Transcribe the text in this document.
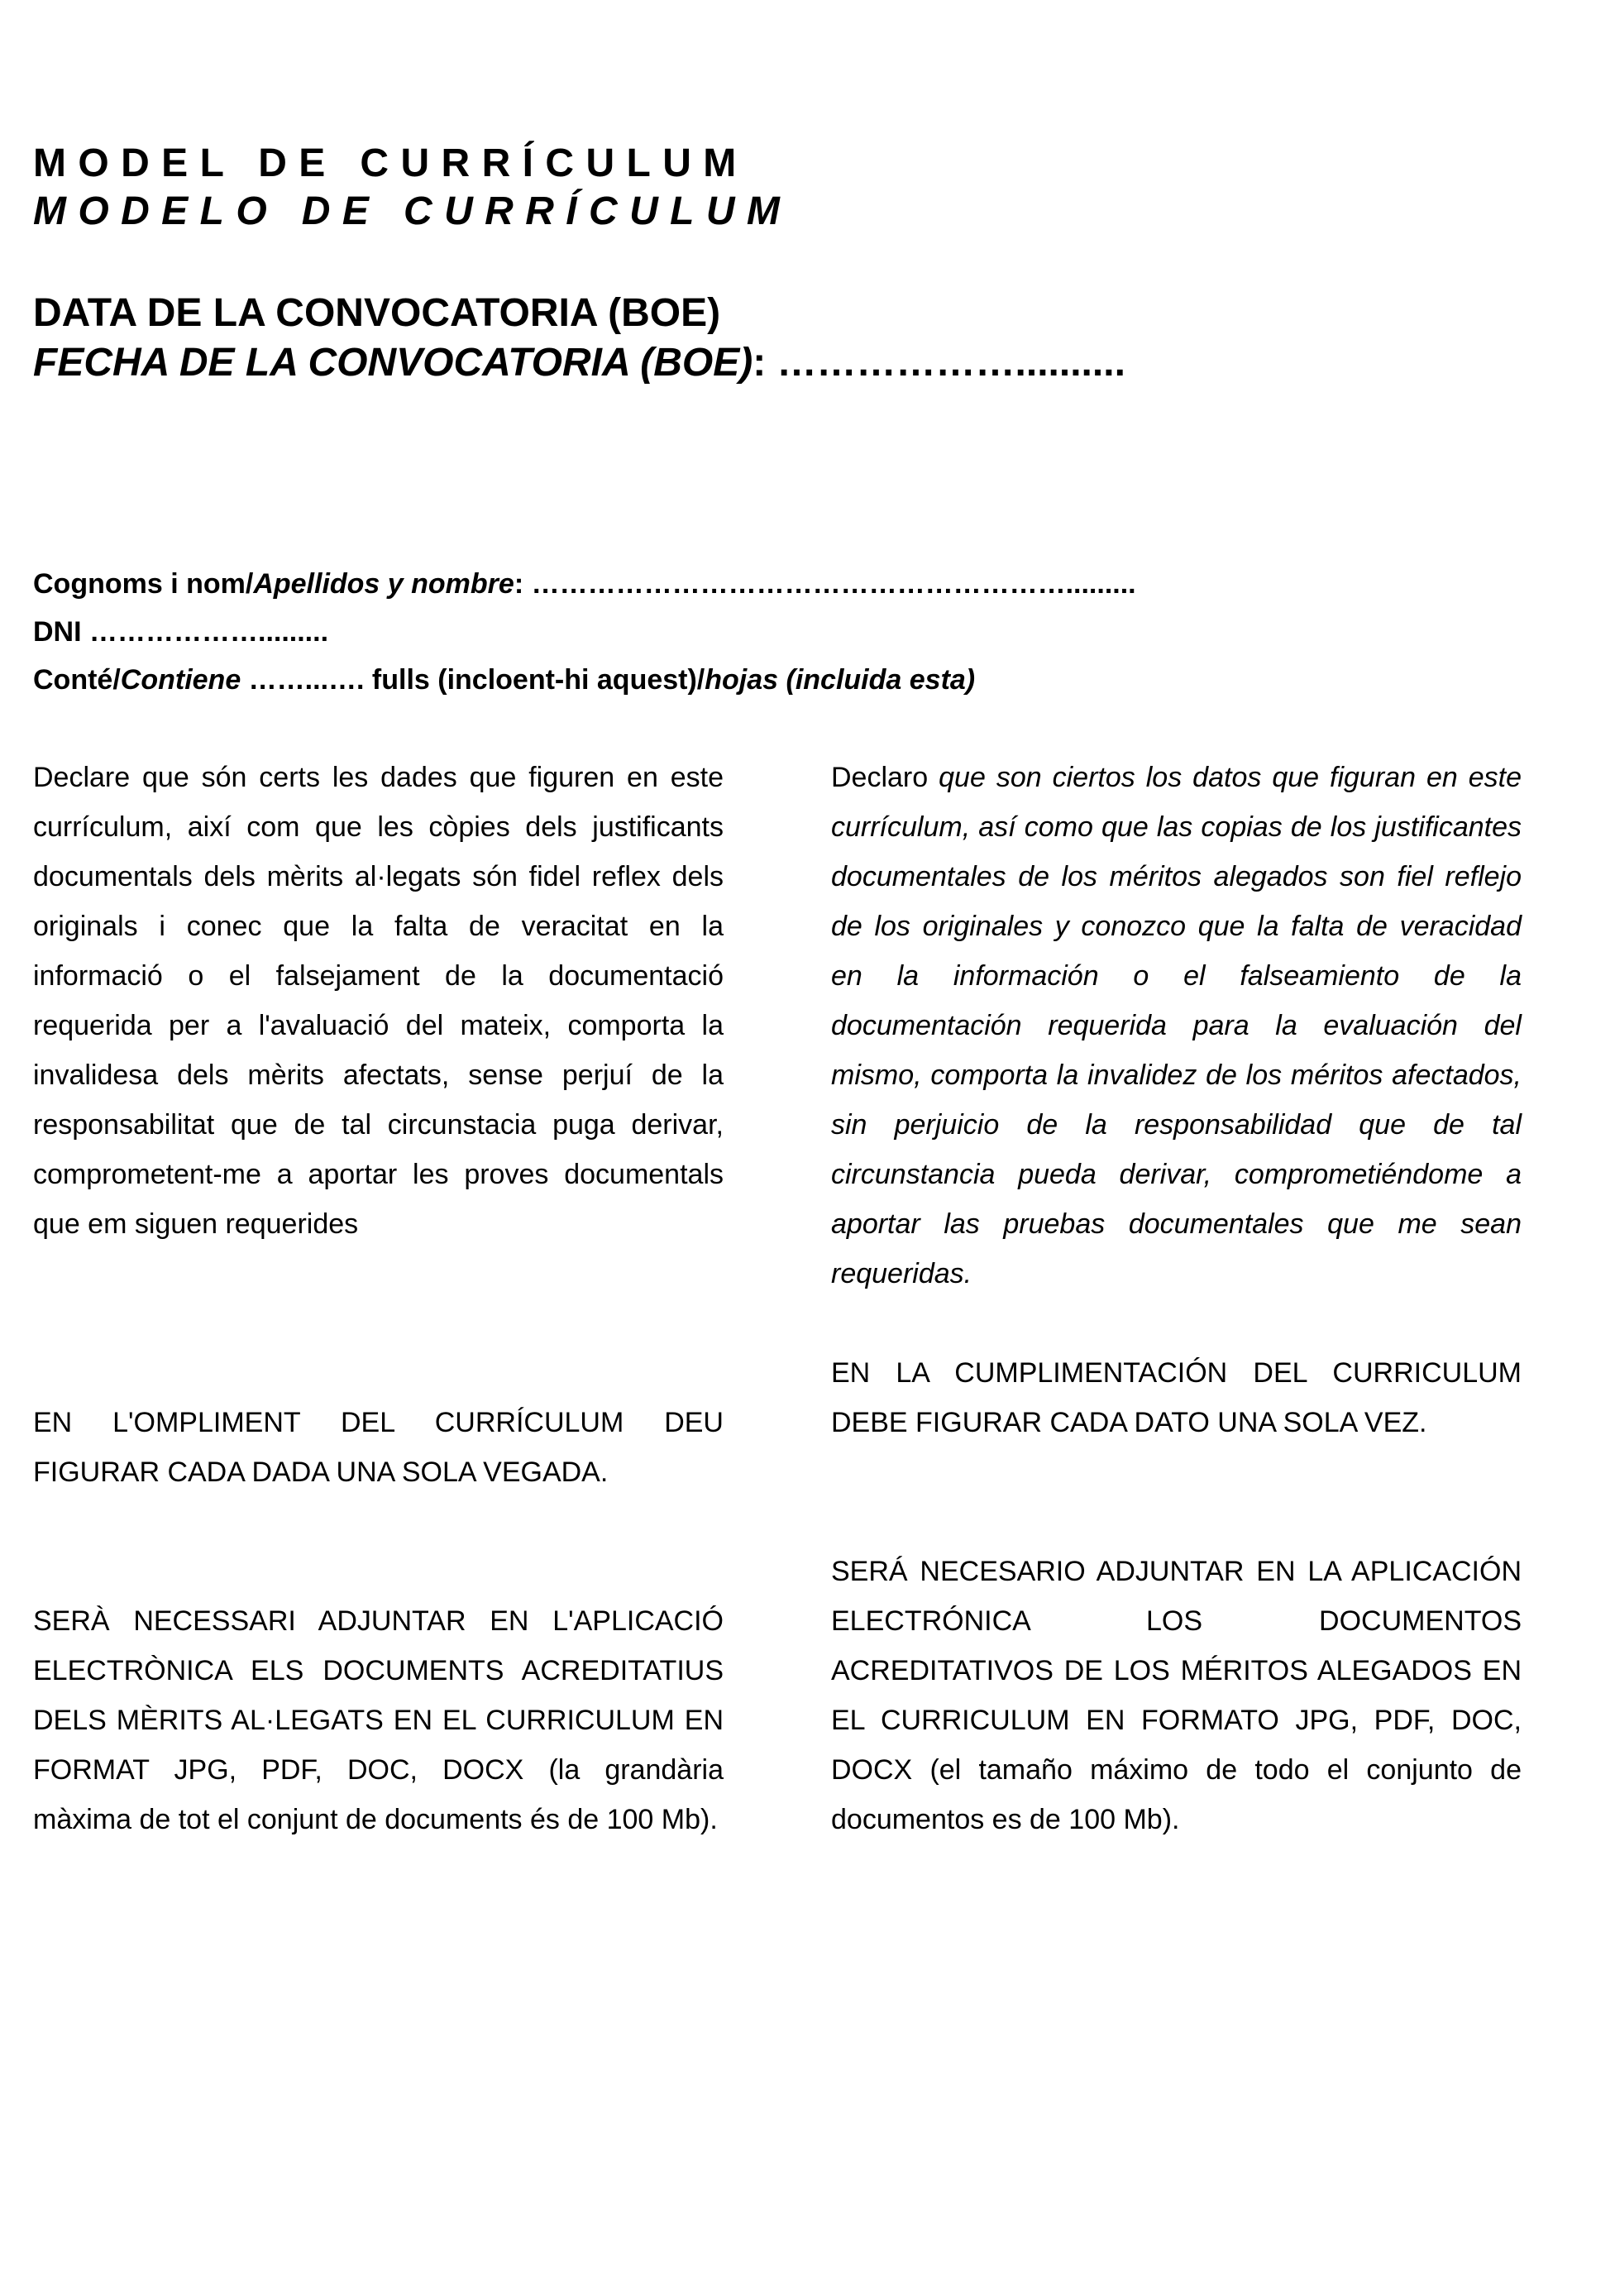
MODEL DE CURRÍCULUM
MODELO DE CURRÍCULUM
DATA DE LA CONVOCATORIA (BOE)
FECHA DE LA CONVOCATORIA (BOE): ………………..........
Cognoms i nom/Apellidos y nombre: ………………………………………………….........
DNI ……………….........
Conté/Contiene ……...…. fulls (incloent-hi aquest)/hojas (incluida esta)

Declare que són certs les dades que figuren en este currículum, així com que les còpies dels justificants documentals dels mèrits al·legats són fidel reflex dels originals i conec que la falta de veracitat en la informació o el falsejament de la documentació requerida per a l'avaluació del mateix, comporta la invalidesa dels mèrits afectats, sense perjuí de la responsabilitat que de tal circunstacia puga derivar, comprometent-me a aportar les proves documentals que em siguen requerides

EN L'OMPLIMENT DEL CURRÍCULUM DEU FIGURAR CADA DADA UNA SOLA VEGADA.

SERÀ NECESSARI ADJUNTAR EN L'APLICACIÓ ELECTRÒNICA ELS DOCUMENTS ACREDITATIUS DELS MÈRITS AL·LEGATS EN EL CURRICULUM EN FORMAT JPG, PDF, DOC, DOCX (la grandària màxima de tot el conjunt de documents és de 100 Mb).

Declaro que son ciertos los datos que figuran en este currículum, así como que las copias de los justificantes documentales de los méritos alegados son fiel reflejo de los originales y conozco que la falta de veracidad en la información o el falseamiento de la documentación requerida para la evaluación del mismo, comporta la invalidez de los méritos afectados, sin perjuicio de la responsabilidad que de tal circunstancia pueda derivar, comprometiéndome a aportar las pruebas documentales que me sean requeridas.

EN LA CUMPLIMENTACIÓN DEL CURRICULUM DEBE FIGURAR CADA DATO UNA SOLA VEZ.

SERÁ NECESARIO ADJUNTAR EN LA APLICACIÓN ELECTRÓNICA LOS DOCUMENTOS ACREDITATIVOS DE LOS MÉRITOS ALEGADOS EN EL CURRICULUM EN FORMATO JPG, PDF, DOC, DOCX (el tamaño máximo de todo el conjunto de documentos es de 100 Mb).
